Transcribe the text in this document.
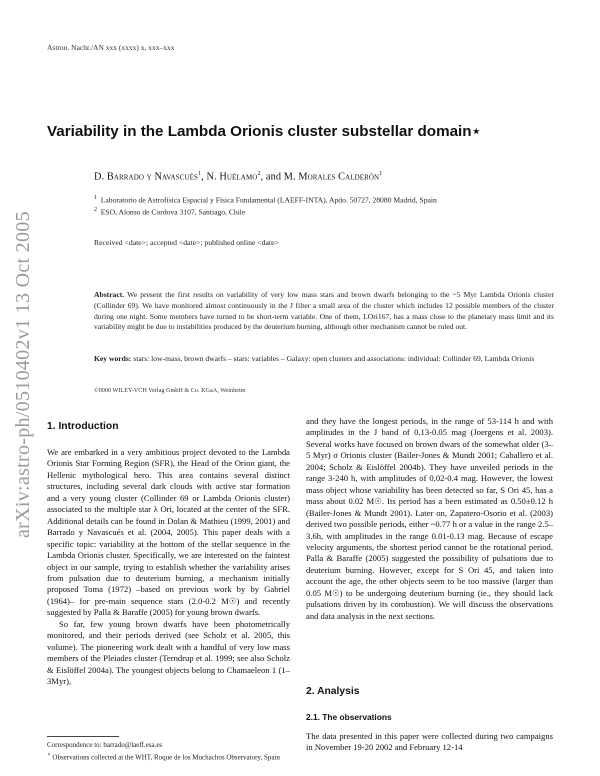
Astron. Nachr./AN xxx (xxxx) x, xxx–xxx
Variability in the Lambda Orionis cluster substellar domain⋆
D. Barrado y Navascués$^1$, N. Huélamo$^2$, and M. Morales Calderón$^1$
$^1$ Laboratorio de Astrofísica Espacial y Física Fundamental (LAEFF-INTA), Apdo. 50727, 28080 Madrid, Spain
$^2$ ESO, Alonso de Cordova 3107, Santiago, Chile
Received <date>; accepted <date>; published online <date>
arXiv:astro-ph/0510402v1 13 Oct 2005	Abstract. We present the first results on variability of very low mass stars and brown dwarfs belonging to the ~5 Myr Lambda Orionis cluster (Collinder 69). We have monitored almost continuously in the J filter a small area of the cluster which includes 12 possible members of the cluster during one night. Some members have turned to be short-term variable. One of them, LOri167, has a mass close to the planetary mass limit and its variability might be due to instabilities produced by the deuterium burning, although other mechanism cannot be ruled out.
Key words: stars: low-mass, brown dwarfs – stars: variables – Galaxy: open clusters and associations: individual: Collinder 69, Lambda Orionis
©0000 WILEY-VCH Verlag GmbH & Co. KGaA, Weinheim
1. Introduction

We are embarked in a very ambitious project devoted to the Lambda Orionis Star Forming Region (SFR), the Head of the Orion giant, the Hellenic mythological hero. This area contains several distinct structures, including several dark clouds with active star formation and a very young cluster (Collinder 69 or Lambda Orionis cluster) associated to the multiple star λ Ori, located at the center of the SFR. Additional details can be found in Dolan & Mathieu (1999, 2001) and Barrado y Navascués et al. (2004, 2005). This paper deals with a specific topic: variability at the bottom of the stellar sequence in the Lambda Orionis cluster. Specifically, we are interested on the faintest object in our sample, trying to establish whether the variability arises from pulsation due to deuterium burning, a mechanism initially proposed Toma (1972) –based on previous work by by Gabriel (1964)– for pre-main sequence stars (2.0-0.2 M☉) and recently suggested by Palla & Baraffe (2005) for young brown dwarfs.

So far, few young brown dwarfs have been photometrically monitored, and their periods derived (see Scholz et al. 2005, this volume). The pioneering work dealt with a handful of very low mass members of the Pleiades cluster (Terndrup et al. 1999; see also Scholz & Eislöffel 2004a). The youngest objects belong to Chamaeleon 1 (1–3Myr),

Correspondence to: barrado@laeff.esa.es
⋆ Observations collected at the WHT, Roque de los Muchachos Observatory, Spain

and they have the longest periods, in the range of 53-114 h and with amplitudes in the J band of 0.13-0.05 mag (Joergens et al. 2003). Several works have focused on brown dwars of the somewhat older (3–5 Myr) σ Orionis cluster (Bailer-Jones & Mundt 2001; Caballero et al. 2004; Scholz & Eislöffel 2004b). They have unveiled periods in the range 3-240 h, with amplitudes of 0.02-0.4 mag. However, the lowest mass object whose variability has been detected so far, S Ori 45, has a mass about 0.02 M☉. Its period has a been estimated as 0.50±0.12 h (Bailer-Jones & Mundt 2001). Later on, Zapatero-Osorio et al. (2003) derived two possible periods, either ~0.77 h or a value in the range 2.5–3.6h, with amplitudes in the range 0.01-0.13 mag. Because of escape velocity arguments, the shortest period cannot be the rotational period. Palla & Baraffe (2005) suggested the possibility of pulsations due to deuterium burning. However, except for S Ori 45, and taken into account the age, the other objects seem to be too massive (larger than 0.05 M☉) to be undergoing deuterium burning (ie., they should lack pulsations driven by its combustion). We will discuss the observations and data analysis in the next sections.

2. Analysis
2.1. The observations

The data presented in this paper were collected during two campaigns in November 19-20 2002 and February 12-14
